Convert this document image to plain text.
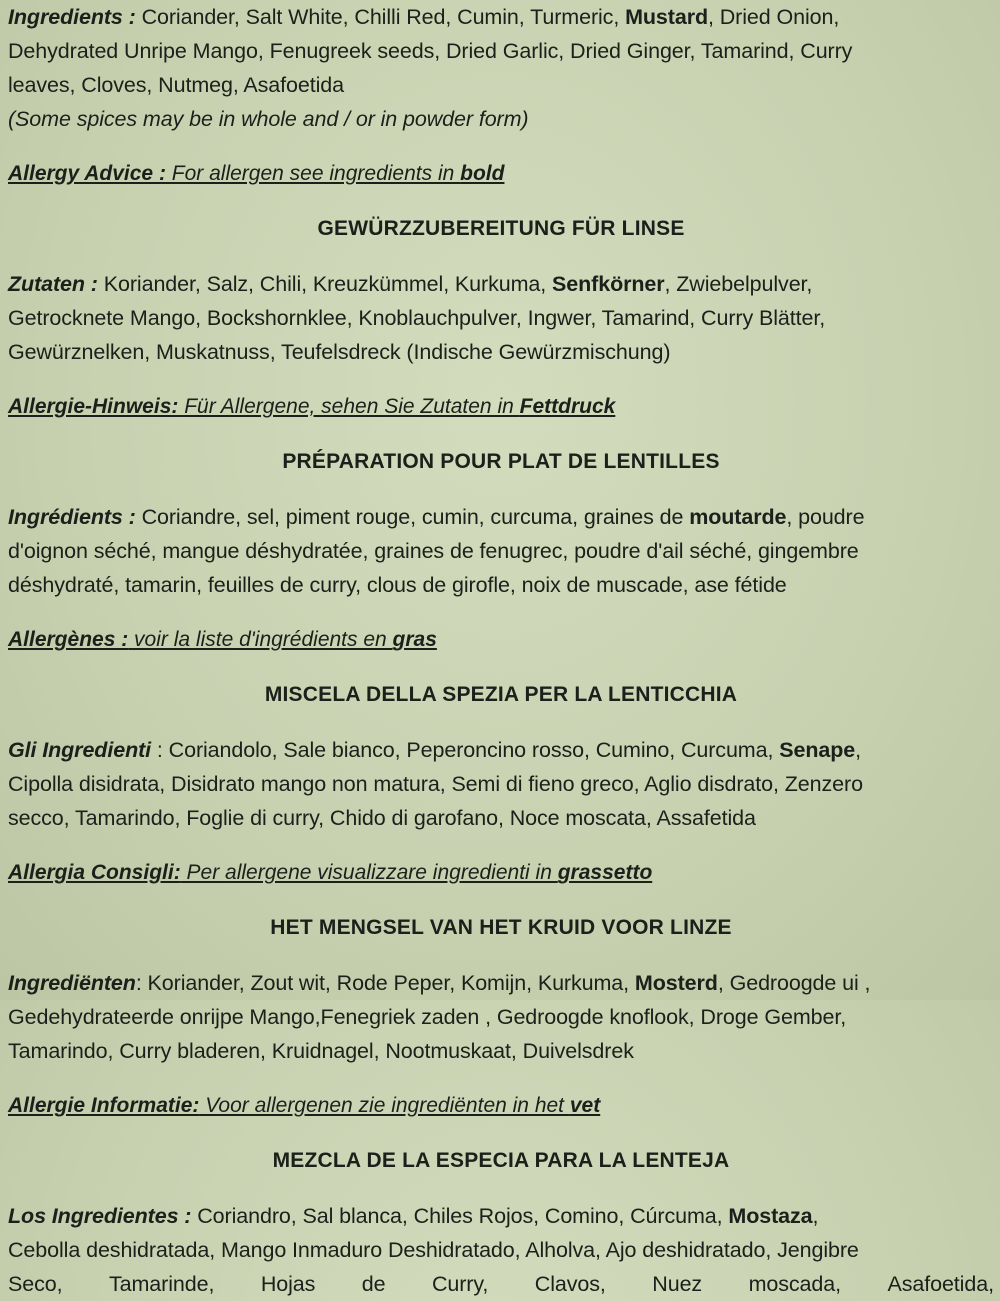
Ingredients : Coriander, Salt White, Chilli Red, Cumin, Turmeric, Mustard, Dried Onion,

Dehydrated Unripe Mango, Fenugreek seeds, Dried Garlic, Dried Ginger, Tamarind, Curry

leaves, Cloves, Nutmeg, Asafoetida

(Some spices may be in whole and / or in powder form)

Allergy Advice : For allergen see ingredients in bold

GEWÜRZZUBEREITUNG FÜR LINSE

Zutaten : Koriander, Salz, Chili, Kreuzkümmel, Kurkuma, Senfkörner, Zwiebelpulver,

Getrocknete Mango, Bockshornklee, Knoblauchpulver, Ingwer, Tamarind, Curry Blätter,

Gewürznelken, Muskatnuss, Teufelsdreck (Indische Gewürzmischung)

Allergie-Hinweis: Für Allergene, sehen Sie Zutaten in Fettdruck

PRÉPARATION POUR PLAT DE LENTILLES

Ingrédients : Coriandre, sel, piment rouge, cumin, curcuma, graines de moutarde, poudre

d'oignon séché, mangue déshydratée, graines de fenugrec, poudre d'ail séché, gingembre

déshydraté, tamarin, feuilles de curry, clous de girofle, noix de muscade, ase fétide

Allergènes : voir la liste d'ingrédients en gras

MISCELA DELLA SPEZIA PER LA LENTICCHIA

Gli Ingredienti : Coriandolo, Sale bianco, Peperoncino rosso, Cumino, Curcuma, Senape,

Cipolla disidrata, Disidrato mango non matura, Semi di fieno greco, Aglio disdrato, Zenzero

secco, Tamarindo, Foglie di curry, Chido di garofano, Noce moscata, Assafetida

Allergia Consigli: Per allergene visualizzare ingredienti in grassetto

HET MENGSEL VAN HET KRUID VOOR LINZE

Ingrediënten: Koriander, Zout wit, Rode Peper, Komijn, Kurkuma, Mosterd, Gedroogde ui ,

Gedehydrateerde onrijpe Mango,Fenegriek zaden , Gedroogde knoflook, Droge Gember,

Tamarindo, Curry bladeren, Kruidnagel, Nootmuskaat, Duivelsdrek

Allergie Informatie: Voor allergenen zie ingrediënten in het vet

MEZCLA DE LA ESPECIA PARA LA LENTEJA

Los Ingredientes : Coriandro, Sal blanca, Chiles Rojos, Comino, Cúrcuma, Mostaza,

Cebolla deshidratada, Mango Inmaduro Deshidratado, Alholva, Ajo deshidratado, Jengibre

Seco, Tamarinde, Hojas de Curry, Clavos, Nuez moscada, Asafoetida,
